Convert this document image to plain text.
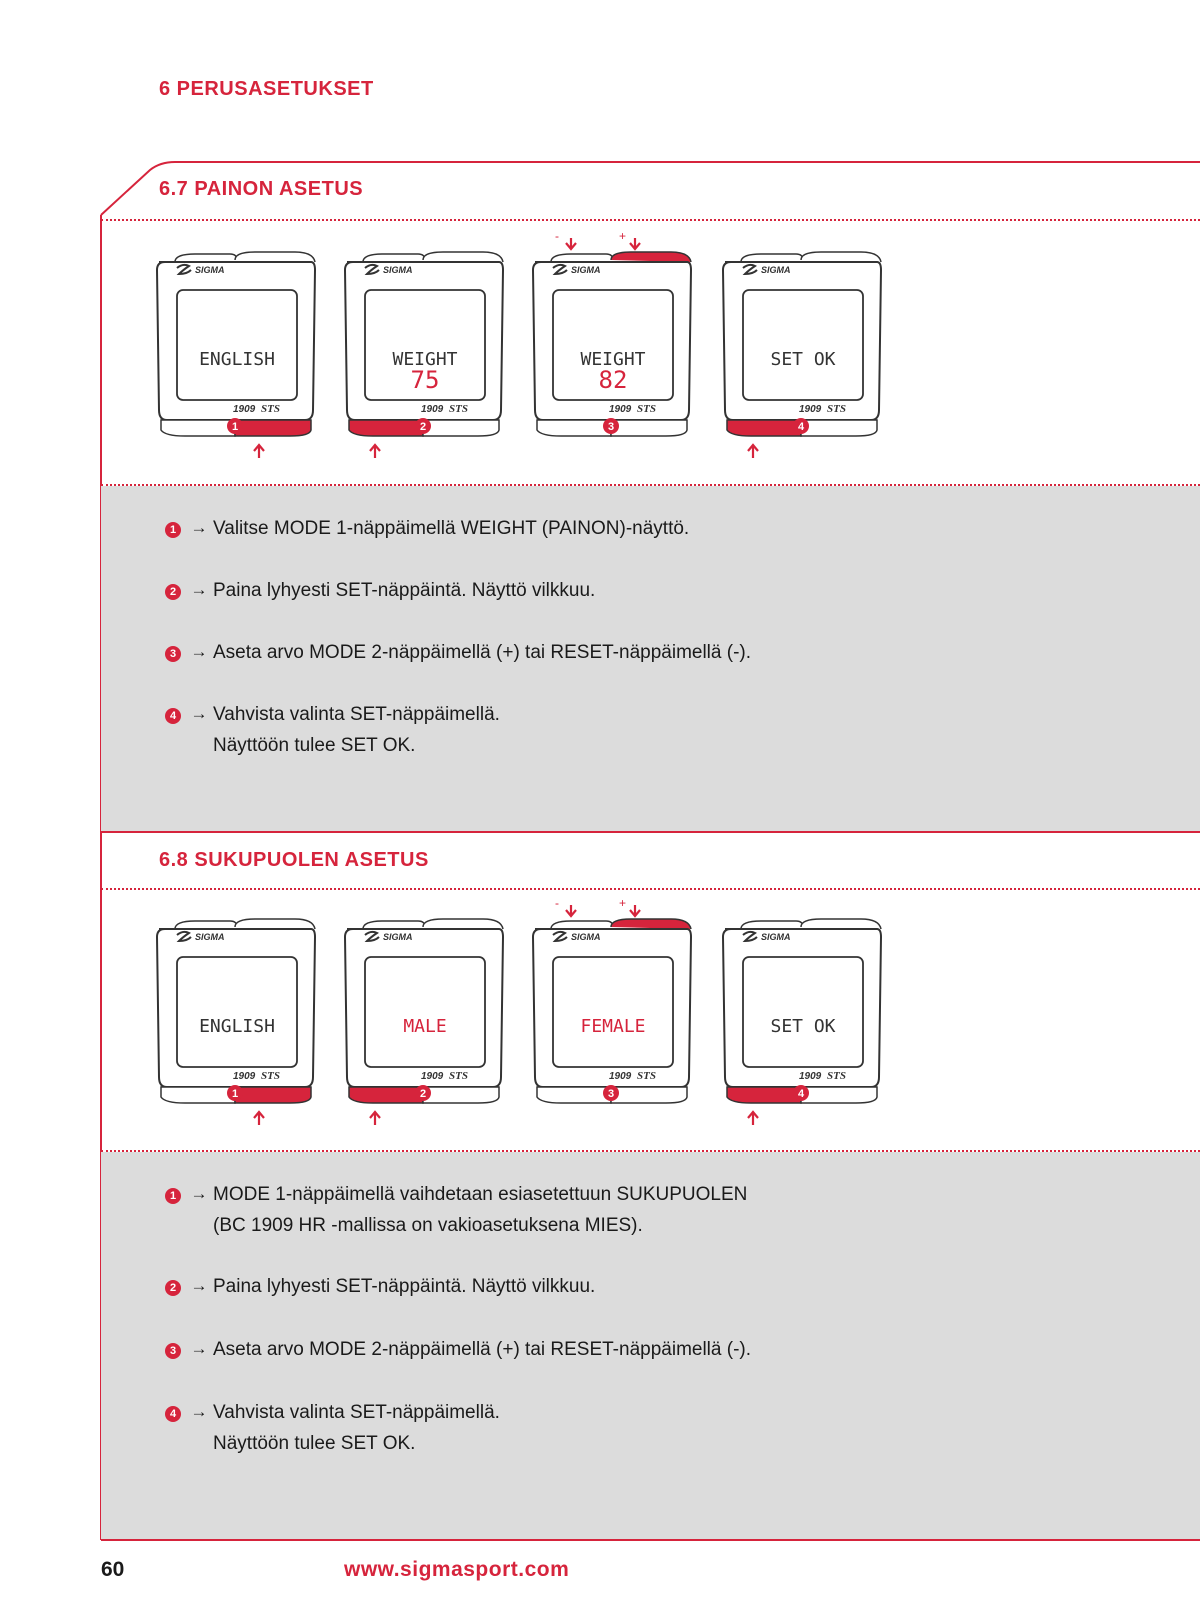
6 PERUSASETUKSET
6.7 PAINON ASETUS
6.8 SUKUPUOLEN ASETUS
SIGMA
ENGLISH
1909 STS
1
SIGMA
WEIGHT
75
1909 STS
2
SIGMA
WEIGHT
82
1909 STS
3
-	+
SIGMA
SET OK
1909 STS
4
SIGMA
ENGLISH
1909 STS
1
SIGMA
MALE
1909 STS
2
SIGMA
FEMALE
1909 STS
3
-	+
SIGMA
SET OK
1909 STS
4
1 → Valitse MODE 1-näppäimellä WEIGHT (PAINON)-näyttö.
2 → Paina lyhyesti SET-näppäintä. Näyttö vilkkuu.
3 → Aseta arvo MODE 2-näppäimellä (+) tai RESET-näppäimellä (-).
4 → Vahvista valinta SET-näppäimellä.
Näyttöön tulee SET OK.
1 → MODE 1-näppäimellä vaihdetaan esiasetettuun SUKUPUOLEN
(BC 1909 HR -mallissa on vakioasetuksena MIES).
2 → Paina lyhyesti SET-näppäintä. Näyttö vilkkuu.
3 → Aseta arvo MODE 2-näppäimellä (+) tai RESET-näppäimellä (-).
4 → Vahvista valinta SET-näppäimellä.
Näyttöön tulee SET OK.
60	www.sigmasport.com
